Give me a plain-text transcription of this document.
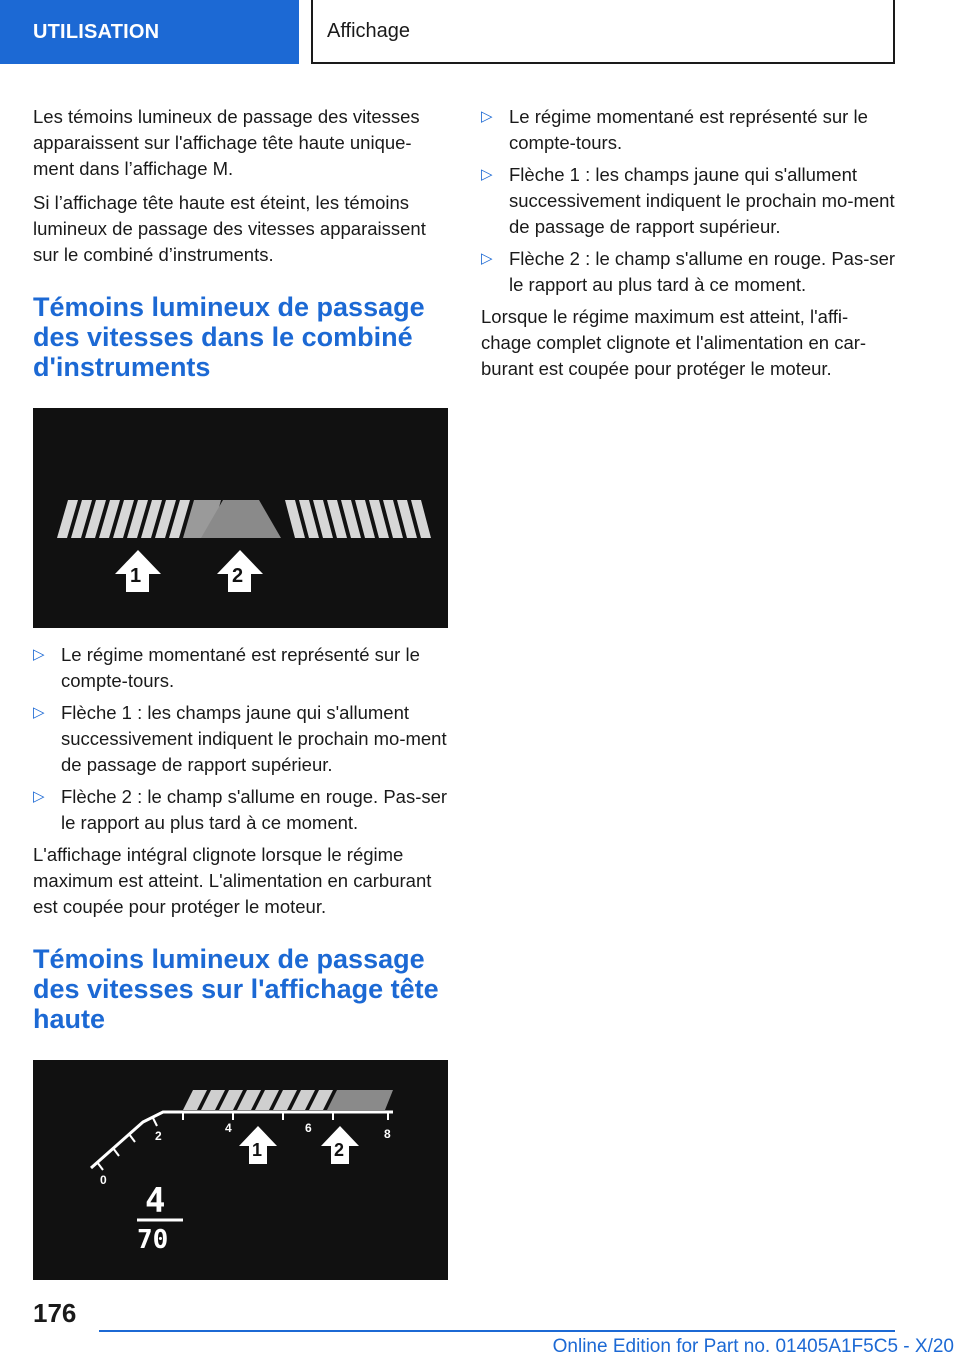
UTILISATION	Affichage

Les témoins lumineux de passage des vitesses apparaissent sur l'affichage tête haute unique-ment dans l’affichage M.

Si l’affichage tête haute est éteint, les témoins lumineux de passage des vitesses apparaissent sur le combiné d’instruments.

Témoins lumineux de passage des vitesses dans le combiné d'instruments
1	2
▷ Le régime momentané est représenté sur le compte-tours.
▷ Flèche 1 : les champs jaune qui s'allument successivement indiquent le prochain mo-ment de passage de rapport supérieur.
▷ Flèche 2 : le champ s'allume en rouge. Pas-ser le rapport au plus tard à ce moment.

L'affichage intégral clignote lorsque le régime maximum est atteint. L'alimentation en carburant est coupée pour protéger le moteur.

Témoins lumineux de passage des vitesses sur l'affichage tête haute
0
2
4	6	8
1	2
4
70
▷ Le régime momentané est représenté sur le compte-tours.
▷ Flèche 1 : les champs jaune qui s'allument successivement indiquent le prochain mo-ment de passage de rapport supérieur.
▷ Flèche 2 : le champ s'allume en rouge. Pas-ser le rapport au plus tard à ce moment.

Lorsque le régime maximum est atteint, l'affi-chage complet clignote et l'alimentation en car-burant est coupée pour protéger le moteur.

176
Online Edition for Part no. 01405A1F5C5 - X/20
